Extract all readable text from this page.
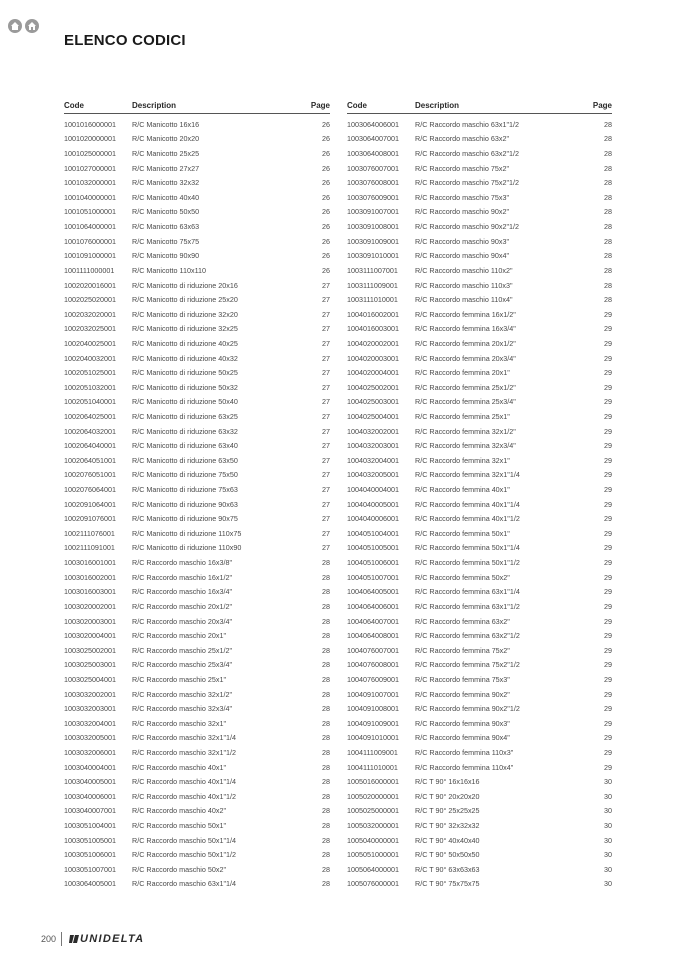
ELENCO CODICI
Code	Description	Page
1001016000001	R/C Manicotto 16x16	26
1001020000001	R/C Manicotto 20x20	26
1001025000001	R/C Manicotto 25x25	26
1001027000001	R/C Manicotto 27x27	26
1001032000001	R/C Manicotto 32x32	26
1001040000001	R/C Manicotto 40x40	26
1001051000001	R/C Manicotto 50x50	26
1001064000001	R/C Manicotto 63x63	26
1001076000001	R/C Manicotto 75x75	26
1001091000001	R/C Manicotto 90x90	26
1001111000001	R/C Manicotto 110x110	26
1002020016001	R/C Manicotto di riduzione 20x16	27
1002025020001	R/C Manicotto di riduzione 25x20	27
1002032020001	R/C Manicotto di riduzione 32x20	27
1002032025001	R/C Manicotto di riduzione 32x25	27
1002040025001	R/C Manicotto di riduzione 40x25	27
1002040032001	R/C Manicotto di riduzione 40x32	27
1002051025001	R/C Manicotto di riduzione 50x25	27
1002051032001	R/C Manicotto di riduzione 50x32	27
1002051040001	R/C Manicotto di riduzione 50x40	27
1002064025001	R/C Manicotto di riduzione 63x25	27
1002064032001	R/C Manicotto di riduzione 63x32	27
1002064040001	R/C Manicotto di riduzione 63x40	27
1002064051001	R/C Manicotto di riduzione 63x50	27
1002076051001	R/C Manicotto di riduzione 75x50	27
1002076064001	R/C Manicotto di riduzione 75x63	27
1002091064001	R/C Manicotto di riduzione 90x63	27
1002091076001	R/C Manicotto di riduzione 90x75	27
1002111076001	R/C Manicotto di riduzione 110x75	27
1002111091001	R/C Manicotto di riduzione 110x90	27
1003016001001	R/C Raccordo maschio 16x3/8"	28
1003016002001	R/C Raccordo maschio 16x1/2"	28
1003016003001	R/C Raccordo maschio 16x3/4"	28
1003020002001	R/C Raccordo maschio 20x1/2"	28
1003020003001	R/C Raccordo maschio 20x3/4"	28
1003020004001	R/C Raccordo maschio 20x1"	28
1003025002001	R/C Raccordo maschio 25x1/2"	28
1003025003001	R/C Raccordo maschio 25x3/4"	28
1003025004001	R/C Raccordo maschio 25x1"	28
1003032002001	R/C Raccordo maschio 32x1/2"	28
1003032003001	R/C Raccordo maschio 32x3/4"	28
1003032004001	R/C Raccordo maschio 32x1"	28
1003032005001	R/C Raccordo maschio 32x1"1/4	28
1003032006001	R/C Raccordo maschio 32x1"1/2	28
1003040004001	R/C Raccordo maschio 40x1"	28
1003040005001	R/C Raccordo maschio 40x1"1/4	28
1003040006001	R/C Raccordo maschio 40x1"1/2	28
1003040007001	R/C Raccordo maschio 40x2"	28
1003051004001	R/C Raccordo maschio 50x1"	28
1003051005001	R/C Raccordo maschio 50x1"1/4	28
1003051006001	R/C Raccordo maschio 50x1"1/2	28
1003051007001	R/C Raccordo maschio 50x2"	28
1003064005001	R/C Raccordo maschio 63x1"1/4	28
Code	Description	Page
1003064006001	R/C Raccordo maschio 63x1"1/2	28
1003064007001	R/C Raccordo maschio 63x2"	28
1003064008001	R/C Raccordo maschio 63x2"1/2	28
1003076007001	R/C Raccordo maschio 75x2"	28
1003076008001	R/C Raccordo maschio 75x2"1/2	28
1003076009001	R/C Raccordo maschio 75x3"	28
1003091007001	R/C Raccordo maschio 90x2"	28
1003091008001	R/C Raccordo maschio 90x2"1/2	28
1003091009001	R/C Raccordo maschio 90x3"	28
1003091010001	R/C Raccordo maschio 90x4"	28
1003111007001	R/C Raccordo maschio 110x2"	28
1003111009001	R/C Raccordo maschio 110x3"	28
1003111010001	R/C Raccordo maschio 110x4"	28
1004016002001	R/C Raccordo femmina 16x1/2"	29
1004016003001	R/C Raccordo femmina 16x3/4"	29
1004020002001	R/C Raccordo femmina 20x1/2"	29
1004020003001	R/C Raccordo femmina 20x3/4"	29
1004020004001	R/C Raccordo femmina 20x1"	29
1004025002001	R/C Raccordo femmina 25x1/2"	29
1004025003001	R/C Raccordo femmina 25x3/4"	29
1004025004001	R/C Raccordo femmina 25x1"	29
1004032002001	R/C Raccordo femmina 32x1/2"	29
1004032003001	R/C Raccordo femmina 32x3/4"	29
1004032004001	R/C Raccordo femmina 32x1"	29
1004032005001	R/C Raccordo femmina 32x1"1/4	29
1004040004001	R/C Raccordo femmina 40x1"	29
1004040005001	R/C Raccordo femmina 40x1"1/4	29
1004040006001	R/C Raccordo femmina 40x1"1/2	29
1004051004001	R/C Raccordo femmina 50x1"	29
1004051005001	R/C Raccordo femmina 50x1"1/4	29
1004051006001	R/C Raccordo femmina 50x1"1/2	29
1004051007001	R/C Raccordo femmina 50x2"	29
1004064005001	R/C Raccordo femmina 63x1"1/4	29
1004064006001	R/C Raccordo femmina 63x1"1/2	29
1004064007001	R/C Raccordo femmina 63x2"	29
1004064008001	R/C Raccordo femmina 63x2"1/2	29
1004076007001	R/C Raccordo femmina 75x2"	29
1004076008001	R/C Raccordo femmina 75x2"1/2	29
1004076009001	R/C Raccordo femmina 75x3"	29
1004091007001	R/C Raccordo femmina 90x2"	29
1004091008001	R/C Raccordo femmina 90x2"1/2	29
1004091009001	R/C Raccordo femmina 90x3"	29
1004091010001	R/C Raccordo femmina 90x4"	29
1004111009001	R/C Raccordo femmina 110x3"	29
1004111010001	R/C Raccordo femmina 110x4"	29
1005016000001	R/C T 90° 16x16x16	30
1005020000001	R/C T 90° 20x20x20	30
1005025000001	R/C T 90° 25x25x25	30
1005032000001	R/C T 90° 32x32x32	30
1005040000001	R/C T 90° 40x40x40	30
1005051000001	R/C T 90° 50x50x50	30
1005064000001	R/C T 90° 63x63x63	30
1005076000001	R/C T 90° 75x75x75	30
200 UNIDELTA
